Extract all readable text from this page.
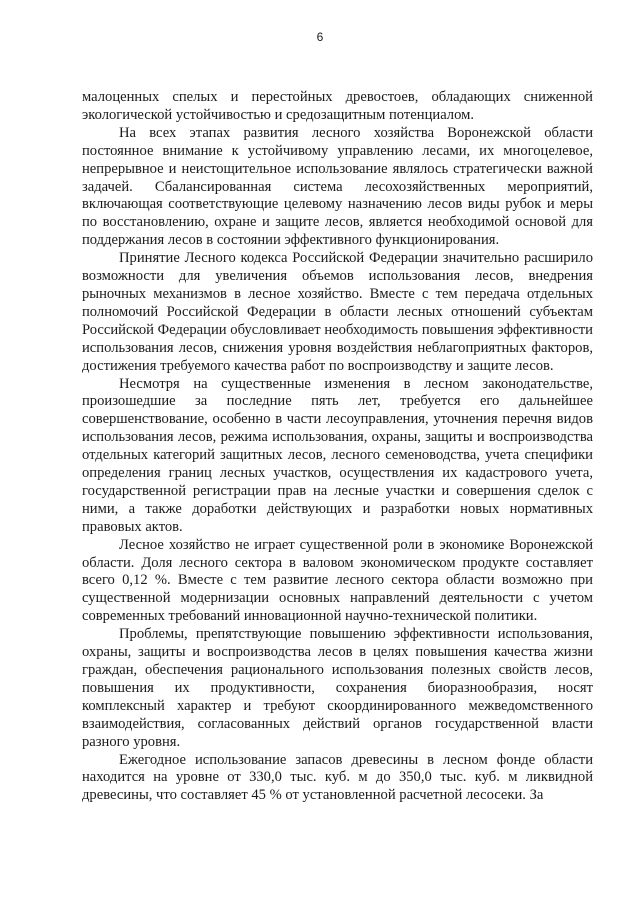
6

малоценных спелых и перестойных древостоев, обладающих сниженной экологической устойчивостью и средозащитным потенциалом.

На всех этапах развития лесного хозяйства Воронежской области постоянное внимание к устойчивому управлению лесами, их многоцелевое, непрерывное и неистощительное использование являлось стратегически важной задачей. Сбалансированная система лесохозяйственных мероприятий, включающая соответствующие целевому назначению лесов виды рубок и меры по восстановлению, охране и защите лесов, является необходимой основой для поддержания лесов в состоянии эффективного функционирования.

Принятие Лесного кодекса Российской Федерации значительно расширило возможности для увеличения объемов использования лесов, внедрения рыночных механизмов в лесное хозяйство. Вместе с тем передача отдельных полномочий Российской Федерации в области лесных отношений субъектам Российской Федерации обусловливает необходимость повышения эффективности использования лесов, снижения уровня воздействия неблагоприятных факторов, достижения требуемого качества работ по воспроизводству и защите лесов.

Несмотря на существенные изменения в лесном законодательстве, произошедшие за последние пять лет, требуется его дальнейшее совершенствование, особенно в части лесоуправления, уточнения перечня видов использования лесов, режима использования, охраны, защиты и воспроизводства отдельных категорий защитных лесов, лесного семеноводства, учета специфики определения границ лесных участков, осуществления их кадастрового учета, государственной регистрации прав на лесные участки и совершения сделок с ними, а также доработки действующих и разработки новых нормативных правовых актов.

Лесное хозяйство не играет существенной роли в экономике Воронежской области. Доля лесного сектора в валовом экономическом продукте составляет всего 0,12 %. Вместе с тем развитие лесного сектора области возможно при существенной модернизации основных направлений деятельности с учетом современных требований инновационной научно-технической политики.

Проблемы, препятствующие повышению эффективности использования, охраны, защиты и воспроизводства лесов в целях повышения качества жизни граждан, обеспечения рационального использования полезных свойств лесов, повышения их продуктивности, сохранения биоразнообразия, носят комплексный характер и требуют скоординированного межведомственного взаимодействия, согласованных действий органов государственной власти разного уровня.

Ежегодное использование запасов древесины в лесном фонде области находится на уровне от 330,0 тыс. куб. м до 350,0 тыс. куб. м ликвидной древесины, что составляет 45 % от установленной расчетной лесосеки. За
